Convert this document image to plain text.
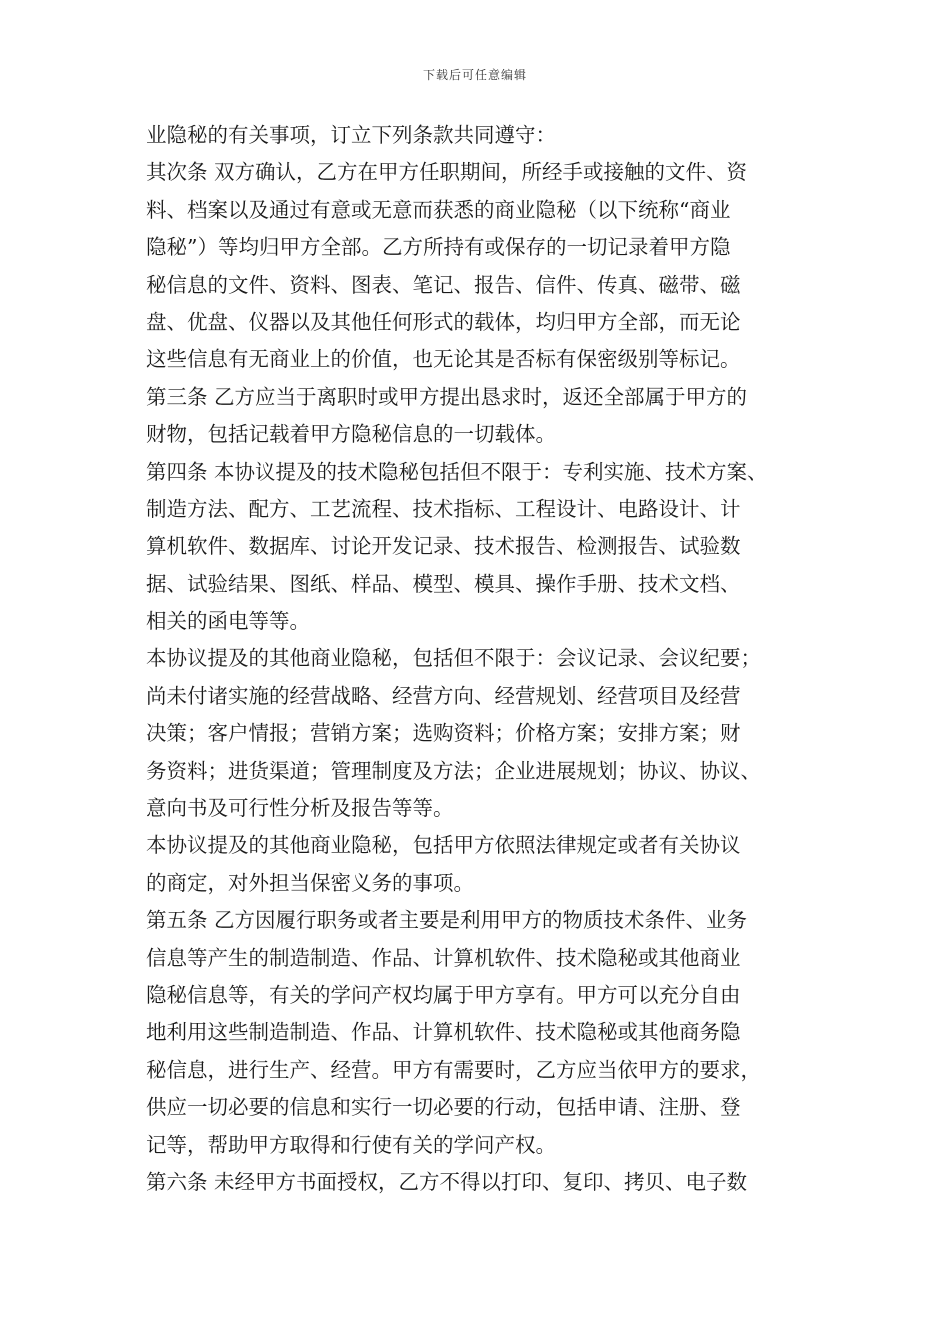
下载后可任意编辑
业隐秘的有关事项，订立下列条款共同遵守：
其次条 双方确认，乙方在甲方任职期间，所经手或接触的文件、资
料、档案以及通过有意或无意而获悉的商业隐秘（以下统称“商业
隐秘”）等均归甲方全部。乙方所持有或保存的一切记录着甲方隐
秘信息的文件、资料、图表、笔记、报告、信件、传真、磁带、磁
盘、优盘、仪器以及其他任何形式的载体，均归甲方全部，而无论
这些信息有无商业上的价值，也无论其是否标有保密级别等标记。
第三条 乙方应当于离职时或甲方提出恳求时，返还全部属于甲方的
财物，包括记载着甲方隐秘信息的一切载体。
第四条 本协议提及的技术隐秘包括但不限于：专利实施、技术方案、
制造方法、配方、工艺流程、技术指标、工程设计、电路设计、计
算机软件、数据库、讨论开发记录、技术报告、检测报告、试验数
据、试验结果、图纸、样品、模型、模具、操作手册、技术文档、
相关的函电等等。
本协议提及的其他商业隐秘，包括但不限于：会议记录、会议纪要；
尚未付诸实施的经营战略、经营方向、经营规划、经营项目及经营
决策；客户情报；营销方案；选购资料；价格方案；安排方案；财
务资料；进货渠道；管理制度及方法；企业进展规划；协议、协议、
意向书及可行性分析及报告等等。
本协议提及的其他商业隐秘，包括甲方依照法律规定或者有关协议
的商定，对外担当保密义务的事项。
第五条 乙方因履行职务或者主要是利用甲方的物质技术条件、业务
信息等产生的制造制造、作品、计算机软件、技术隐秘或其他商业
隐秘信息等，有关的学问产权均属于甲方享有。甲方可以充分自由
地利用这些制造制造、作品、计算机软件、技术隐秘或其他商务隐
秘信息，进行生产、经营。甲方有需要时，乙方应当依甲方的要求，
供应一切必要的信息和实行一切必要的行动，包括申请、注册、登
记等，帮助甲方取得和行使有关的学问产权。
第六条 未经甲方书面授权，乙方不得以打印、复印、拷贝、电子数
